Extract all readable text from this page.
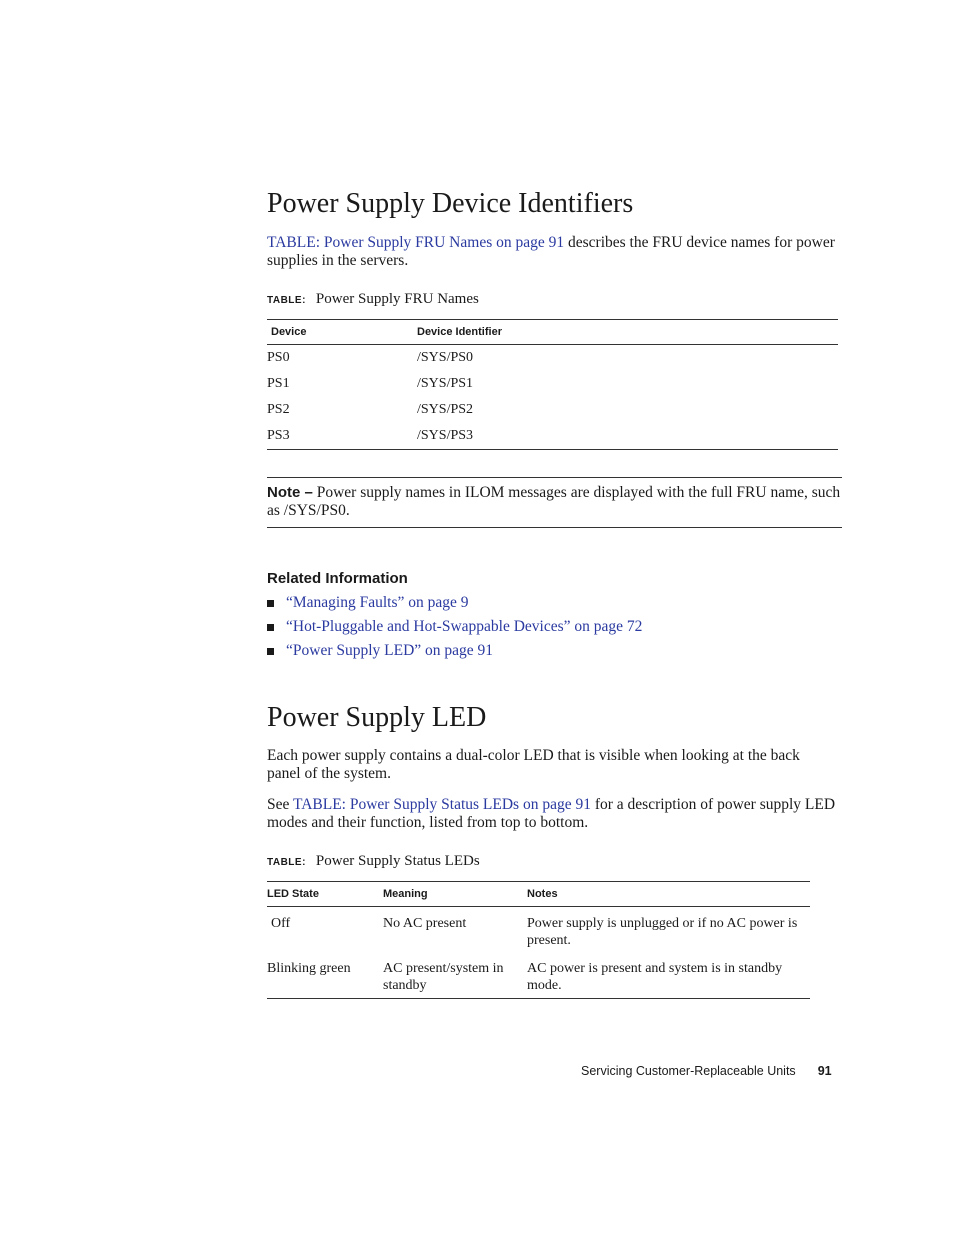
Power Supply Device Identifiers

TABLE: Power Supply FRU Names on page 91 describes the FRU device names for power supplies in the servers.

TABLE: Power Supply FRU Names
Device	Device Identifier
PS0	/SYS/PS0
PS1	/SYS/PS1
PS2	/SYS/PS2
PS3	/SYS/PS3

Note – Power supply names in ILOM messages are displayed with the full FRU name, such as /SYS/PS0.

Related Information
“Managing Faults” on page 9
“Hot-Pluggable and Hot-Swappable Devices” on page 72
“Power Supply LED” on page 91
Power Supply LED

Each power supply contains a dual-color LED that is visible when looking at the back panel of the system.

See TABLE: Power Supply Status LEDs on page 91 for a description of power supply LED modes and their function, listed from top to bottom.

TABLE: Power Supply Status LEDs
LED State	Meaning	Notes
Off	No AC present	Power supply is unplugged or if no AC power is present.
Blinking green	AC present/system in standby	AC power is present and system is in standby mode.
Servicing Customer-Replaceable Units 91
